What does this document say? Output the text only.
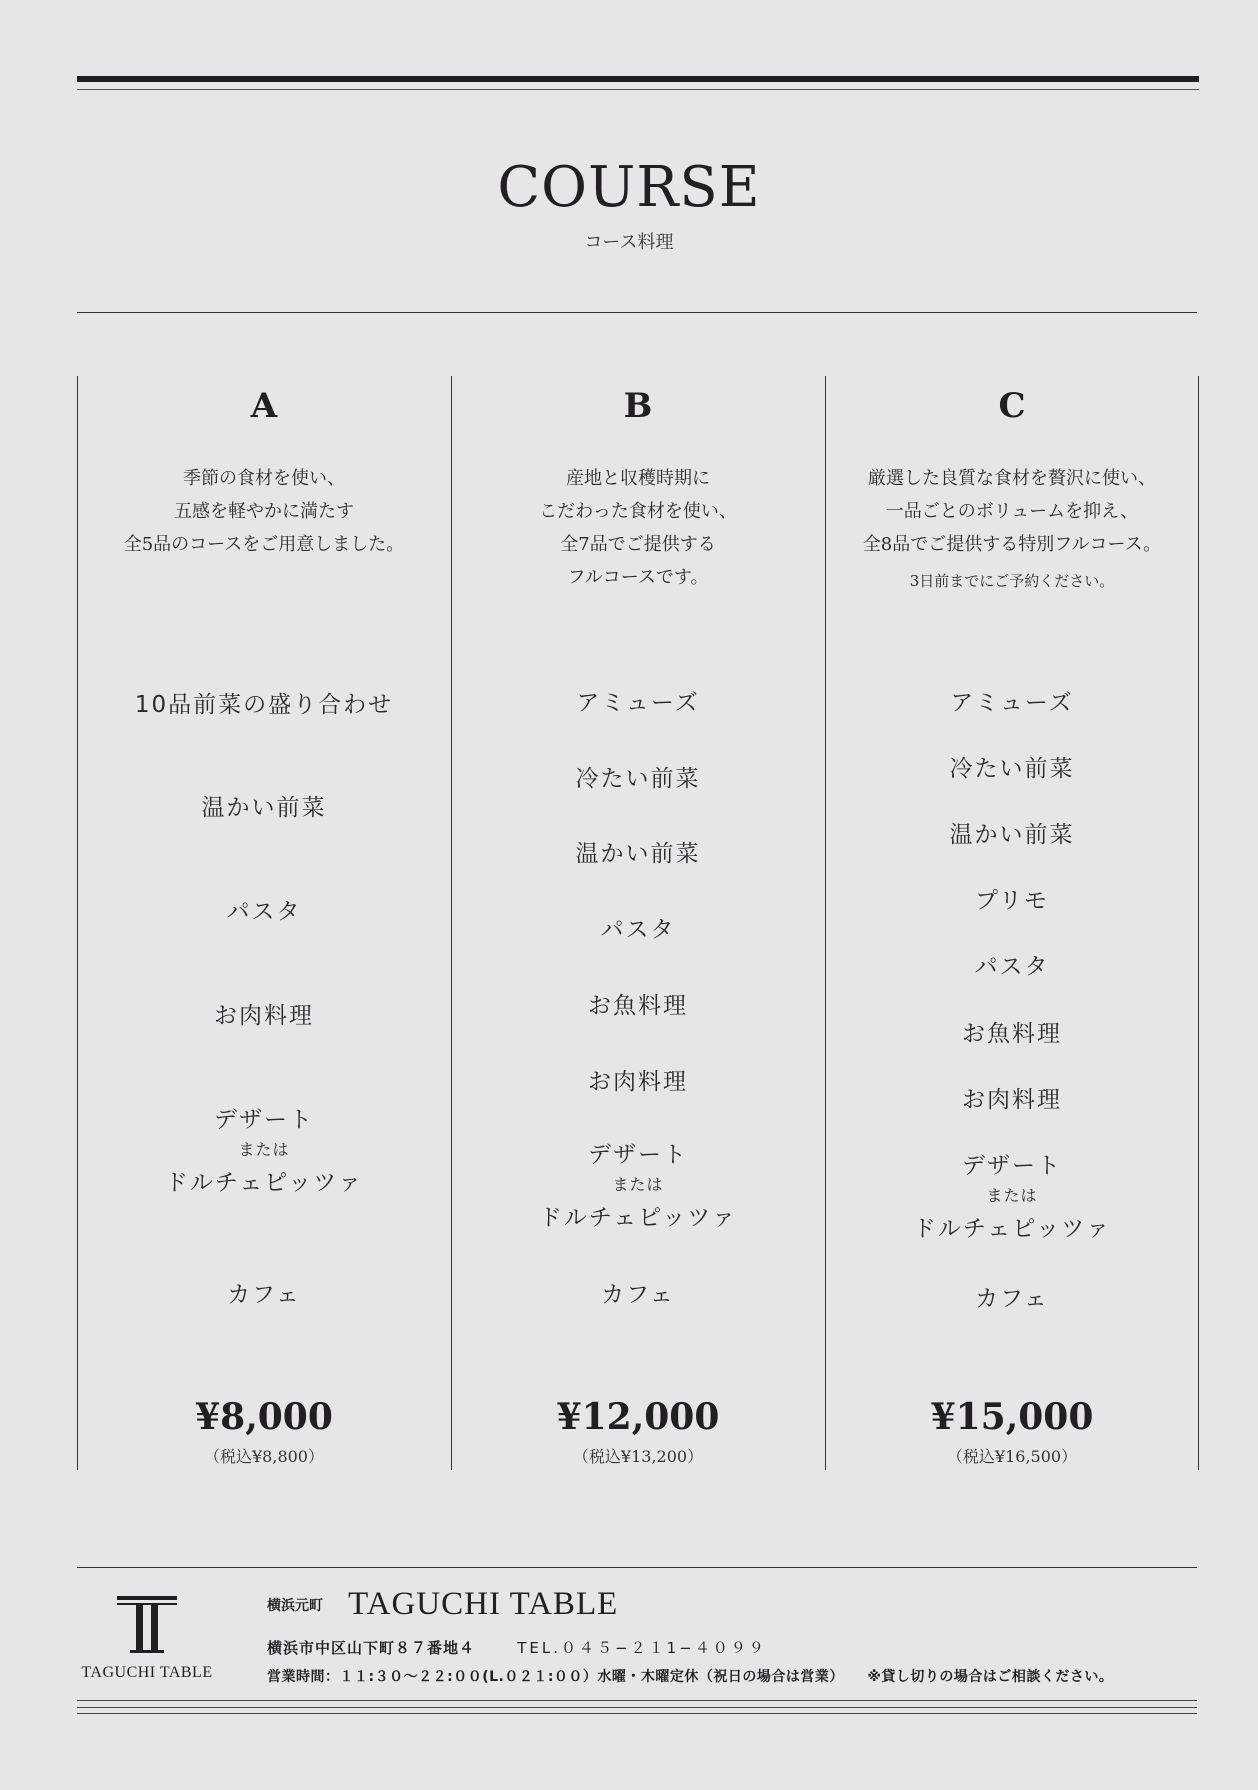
COURSE
コース料理
A
季節の食材を使い、
五感を軽やかに満たす
全5品のコースをご用意しました。
10品前菜の盛り合わせ
温かい前菜
パスタ
お肉料理
デザート
または
ドルチェピッツァ
カフェ
¥8,000
（税込¥8,800）
B
産地と収穫時期に
こだわった食材を使い、
全7品でご提供する
フルコースです。
アミューズ
冷たい前菜
温かい前菜
パスタ
お魚料理
お肉料理
デザート
または
ドルチェピッツァ
カフェ
¥12,000
（税込¥13,200）
C
厳選した良質な食材を贅沢に使い、
一品ごとのボリュームを抑え、
全8品でご提供する特別フルコース。
3日前までにご予約ください。
アミューズ
冷たい前菜
温かい前菜
プリモ
パスタ
お魚料理
お肉料理
デザート
または
ドルチェピッツァ
カフェ
¥15,000
（税込¥16,500）
TAGUCHI TABLE
横浜元町 TAGUCHI TABLE
横浜市中区山下町８７番地４	TEL.０４５−２１1−４０９９
営業時間：１１:３０〜２２:００(L.０２１:００）水曜・木曜定休（祝日の場合は営業） ※貸し切りの場合はご相談ください。
